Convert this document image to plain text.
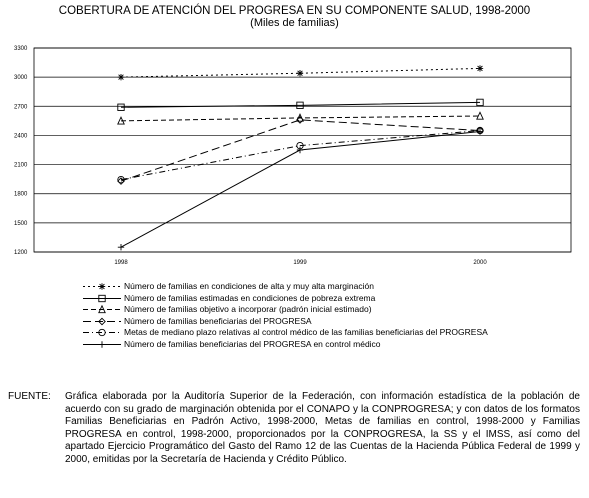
3300
3000
2700
2400
2100
1800
1500
1200
1998	1999	2000
COBERTURA DE ATENCIÓN DEL PROGRESA EN SU COMPONENTE SALUD, 1998-2000
(Miles de familias)
Número de familias en condiciones de alta y muy alta marginación
Número de familias estimadas en condiciones de pobreza extrema
Número de familias objetivo a incorporar (padrón inicial estimado)
Número de familias beneficiarias del PROGRESA
Metas de mediano plazo relativas al control médico de las familias beneficiarias del PROGRESA
Número de familias beneficiarias del PROGRESA en control médico
FUENTE: Gráfica elaborada por la Auditoría Superior de la Federación, con información estadística de la población de acuerdo con su grado de marginación obtenida por el CONAPO y la CONPROGRESA; y con datos de los formatos Familias Beneficiarias en Padrón Activo, 1998-2000, Metas de familias en control, 1998-2000 y Familias PROGRESA en control, 1998-2000, proporcionados por la CONPROGRESA, la SS y el IMSS, así como del apartado Ejercicio Programático del Gasto del Ramo 12 de las Cuentas de la Hacienda Pública Federal de 1999 y 2000, emitidas por la Secretaría de Hacienda y Crédito Público.
